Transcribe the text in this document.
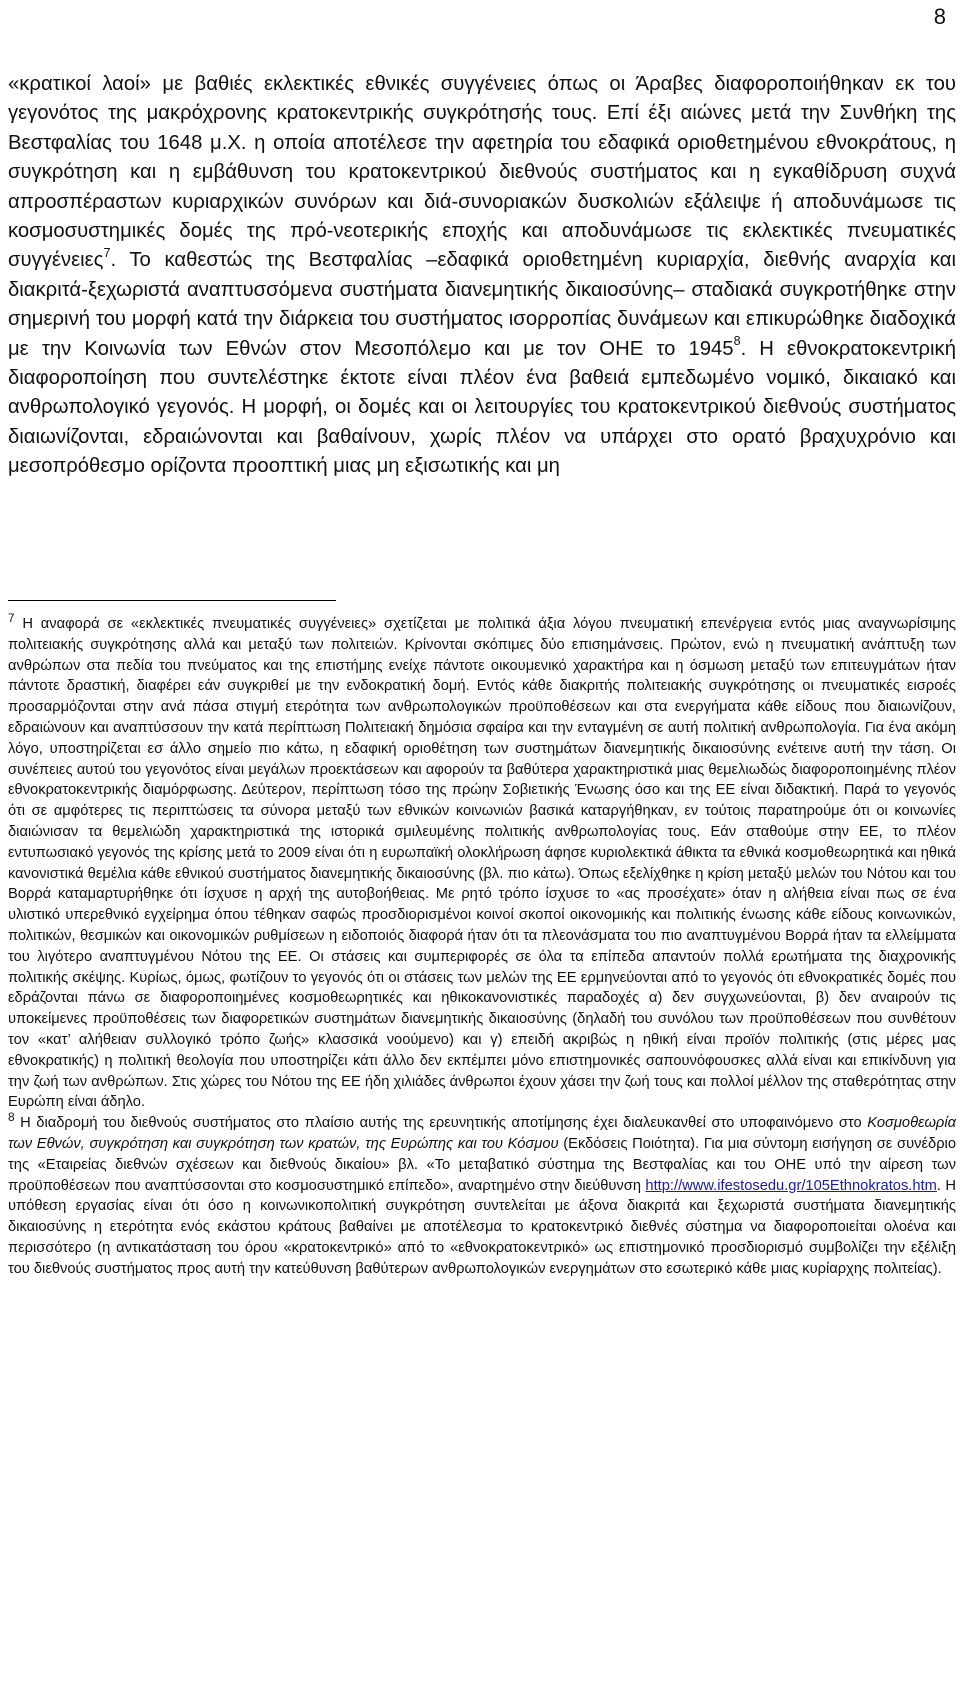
8

«κρατικοί λαοί» με βαθιές εκλεκτικές εθνικές συγγένειες όπως οι Άραβες διαφοροποιήθηκαν εκ του γεγονότος της μακρόχρονης κρατοκεντρικής συγκρότησής τους. Επί έξι αιώνες μετά την Συνθήκη της Βεστφαλίας του 1648 μ.Χ. η οποία αποτέλεσε την αφετηρία του εδαφικά οριοθετημένου εθνοκράτους, η συγκρότηση και η εμβάθυνση του κρατοκεντρικού διεθνούς συστήματος και η εγκαθίδρυση συχνά απροσπέραστων κυριαρχικών συνόρων και διά-συνοριακών δυσκολιών εξάλειψε ή αποδυνάμωσε τις κοσμοσυστημικές δομές της πρό-νεοτερικής εποχής και αποδυνάμωσε τις εκλεκτικές πνευματικές συγγένειες$^7$. Το καθεστώς της Βεστφαλίας –εδαφικά οριοθετημένη κυριαρχία, διεθνής αναρχία και διακριτά-ξεχωριστά αναπτυσσόμενα συστήματα διανεμητικής δικαιοσύνης– σταδιακά συγκροτήθηκε στην σημερινή του μορφή κατά την διάρκεια του συστήματος ισορροπίας δυνάμεων και επικυρώθηκε διαδοχικά με την Κοινωνία των Εθνών στον Μεσοπόλεμο και με τον ΟΗΕ το 1945$^8$. Η εθνοκρατοκεντρική διαφοροποίηση που συντελέστηκε έκτοτε είναι πλέον ένα βαθειά εμπεδωμένο νομικό, δικαιακό και ανθρωπολογικό γεγονός. Η μορφή, οι δομές και οι λειτουργίες του κρατοκεντρικού διεθνούς συστήματος διαιωνίζονται, εδραιώνονται και βαθαίνουν, χωρίς πλέον να υπάρχει στο ορατό βραχυχρόνιο και μεσοπρόθεσμο ορίζοντα προοπτική μιας μη εξισωτικής και μη

$^7$ Η αναφορά σε «εκλεκτικές πνευματικές συγγένειες» σχετίζεται με πολιτικά άξια λόγου πνευματική επενέργεια εντός μιας αναγνωρίσιμης πολιτειακής συγκρότησης αλλά και μεταξύ των πολιτειών. Κρίνονται σκόπιμες δύο επισημάνσεις. Πρώτον, ενώ η πνευματική ανάπτυξη των ανθρώπων στα πεδία του πνεύματος και της επιστήμης ενείχε πάντοτε οικουμενικό χαρακτήρα και η όσμωση μεταξύ των επιτευγμάτων ήταν πάντοτε δραστική, διαφέρει εάν συγκριθεί με την ενδοκρατική δομή. Εντός κάθε διακριτής πολιτειακής συγκρότησης οι πνευματικές εισροές προσαρμόζονται στην ανά πάσα στιγμή ετερότητα των ανθρωπολογικών προϋποθέσεων και στα ενεργήματα κάθε είδους που διαιωνίζουν, εδραιώνουν και αναπτύσσουν την κατά περίπτωση Πολιτειακή δημόσια σφαίρα και την ενταγμένη σε αυτή πολιτική ανθρωπολογία. Για ένα ακόμη λόγο, υποστηρίζεται εσ άλλο σημείο πιο κάτω, η εδαφική οριοθέτηση των συστημάτων διανεμητικής δικαιοσύνης ενέτεινε αυτή την τάση. Οι συνέπειες αυτού του γεγονότος είναι μεγάλων προεκτάσεων και αφορούν τα βαθύτερα χαρακτηριστικά μιας θεμελιωδώς διαφοροποιημένης πλέον εθνοκρατοκεντρικής διαμόρφωσης. Δεύτερον, περίπτωση τόσο της πρώην Σοβιετικής Ένωσης όσο και της ΕΕ είναι διδακτική. Παρά το γεγονός ότι σε αμφότερες τις περιπτώσεις τα σύνορα μεταξύ των εθνικών κοινωνιών βασικά καταργήθηκαν, εν τούτοις παρατηρούμε ότι οι κοινωνίες διαιώνισαν τα θεμελιώδη χαρακτηριστικά της ιστορικά σμιλευμένης πολιτικής ανθρωπολογίας τους. Εάν σταθούμε στην ΕΕ, το πλέον εντυπωσιακό γεγονός της κρίσης μετά το 2009 είναι ότι η ευρωπαϊκή ολοκλήρωση άφησε κυριολεκτικά άθικτα τα εθνικά κοσμοθεωρητικά και ηθικά κανονιστικά θεμέλια κάθε εθνικού συστήματος διανεμητικής δικαιοσύνης (βλ. πιο κάτω). Όπως εξελίχθηκε η κρίση μεταξύ μελών του Νότου και του Βορρά καταμαρτυρήθηκε ότι ίσχυσε η αρχή της αυτοβοήθειας. Με ρητό τρόπο ίσχυσε το «ας προσέχατε» όταν η αλήθεια είναι πως σε ένα υλιστικό υπερεθνικό εγχείρημα όπου τέθηκαν σαφώς προσδιορισμένοι κοινοί σκοποί οικονομικής και πολιτικής ένωσης κάθε είδους κοινωνικών, πολιτικών, θεσμικών και οικονομικών ρυθμίσεων η ειδοποιός διαφορά ήταν ότι τα πλεονάσματα του πιο αναπτυγμένου Βορρά ήταν τα ελλείμματα του λιγότερο αναπτυγμένου Νότου της ΕΕ. Οι στάσεις και συμπεριφορές σε όλα τα επίπεδα απαντούν πολλά ερωτήματα της διαχρονικής πολιτικής σκέψης. Κυρίως, όμως, φωτίζουν το γεγονός ότι οι στάσεις των μελών της ΕΕ ερμηνεύονται από το γεγονός ότι εθνοκρατικές δομές που εδράζονται πάνω σε διαφοροποιημένες κοσμοθεωρητικές και ηθικοκανονιστικές παραδοχές α) δεν συγχωνεύονται, β) δεν αναιρούν τις υποκείμενες προϋποθέσεις των διαφορετικών συστημάτων διανεμητικής δικαιοσύνης (δηλαδή του συνόλου των προϋποθέσεων που συνθέτουν τον «κατ’ αλήθειαν συλλογικό τρόπο ζωής» κλασσικά νοούμενο) και γ) επειδή ακριβώς η ηθική είναι προϊόν πολιτικής (στις μέρες μας εθνοκρατικής) η πολιτική θεολογία που υποστηρίζει κάτι άλλο δεν εκπέμπει μόνο επιστημονικές σαπουνόφουσκες αλλά είναι και επικίνδυνη για την ζωή των ανθρώπων. Στις χώρες του Νότου της ΕΕ ήδη χιλιάδες άνθρωποι έχουν χάσει την ζωή τους και πολλοί μέλλον της σταθερότητας στην Ευρώπη είναι άδηλο.

$^8$ Η διαδρομή του διεθνούς συστήματος στο πλαίσιο αυτής της ερευνητικής αποτίμησης έχει διαλευκανθεί στο υποφαινόμενο στο Κοσμοθεωρία των Εθνών, συγκρότηση και συγκρότηση των κρατών, της Ευρώπης και του Κόσμου (Εκδόσεις Ποιότητα). Για μια σύντομη εισήγηση σε συνέδριο της «Εταιρείας διεθνών σχέσεων και διεθνούς δικαίου» βλ. «Το μεταβατικό σύστημα της Βεστφαλίας και του ΟΗΕ υπό την αίρεση των προϋποθέσεων που αναπτύσσονται στο κοσμοσυστημικό επίπεδο», αναρτημένο στην διεύθυνση http://www.ifestosedu.gr/105Ethnokratos.htm. Η υπόθεση εργασίας είναι ότι όσο η κοινωνικοπολιτική συγκρότηση συντελείται με άξονα διακριτά και ξεχωριστά συστήματα διανεμητικής δικαιοσύνης η ετερότητα ενός εκάστου κράτους βαθαίνει με αποτέλεσμα το κρατοκεντρικό διεθνές σύστημα να διαφοροποιείται ολοένα και περισσότερο (η αντικατάσταση του όρου «κρατοκεντρικό» από το «εθνοκρατοκεντρικό» ως επιστημονικό προσδιορισμό συμβολίζει την εξέλιξη του διεθνούς συστήματος προς αυτή την κατεύθυνση βαθύτερων ανθρωπολογικών ενεργημάτων στο εσωτερικό κάθε μιας κυρίαρχης πολιτείας).
